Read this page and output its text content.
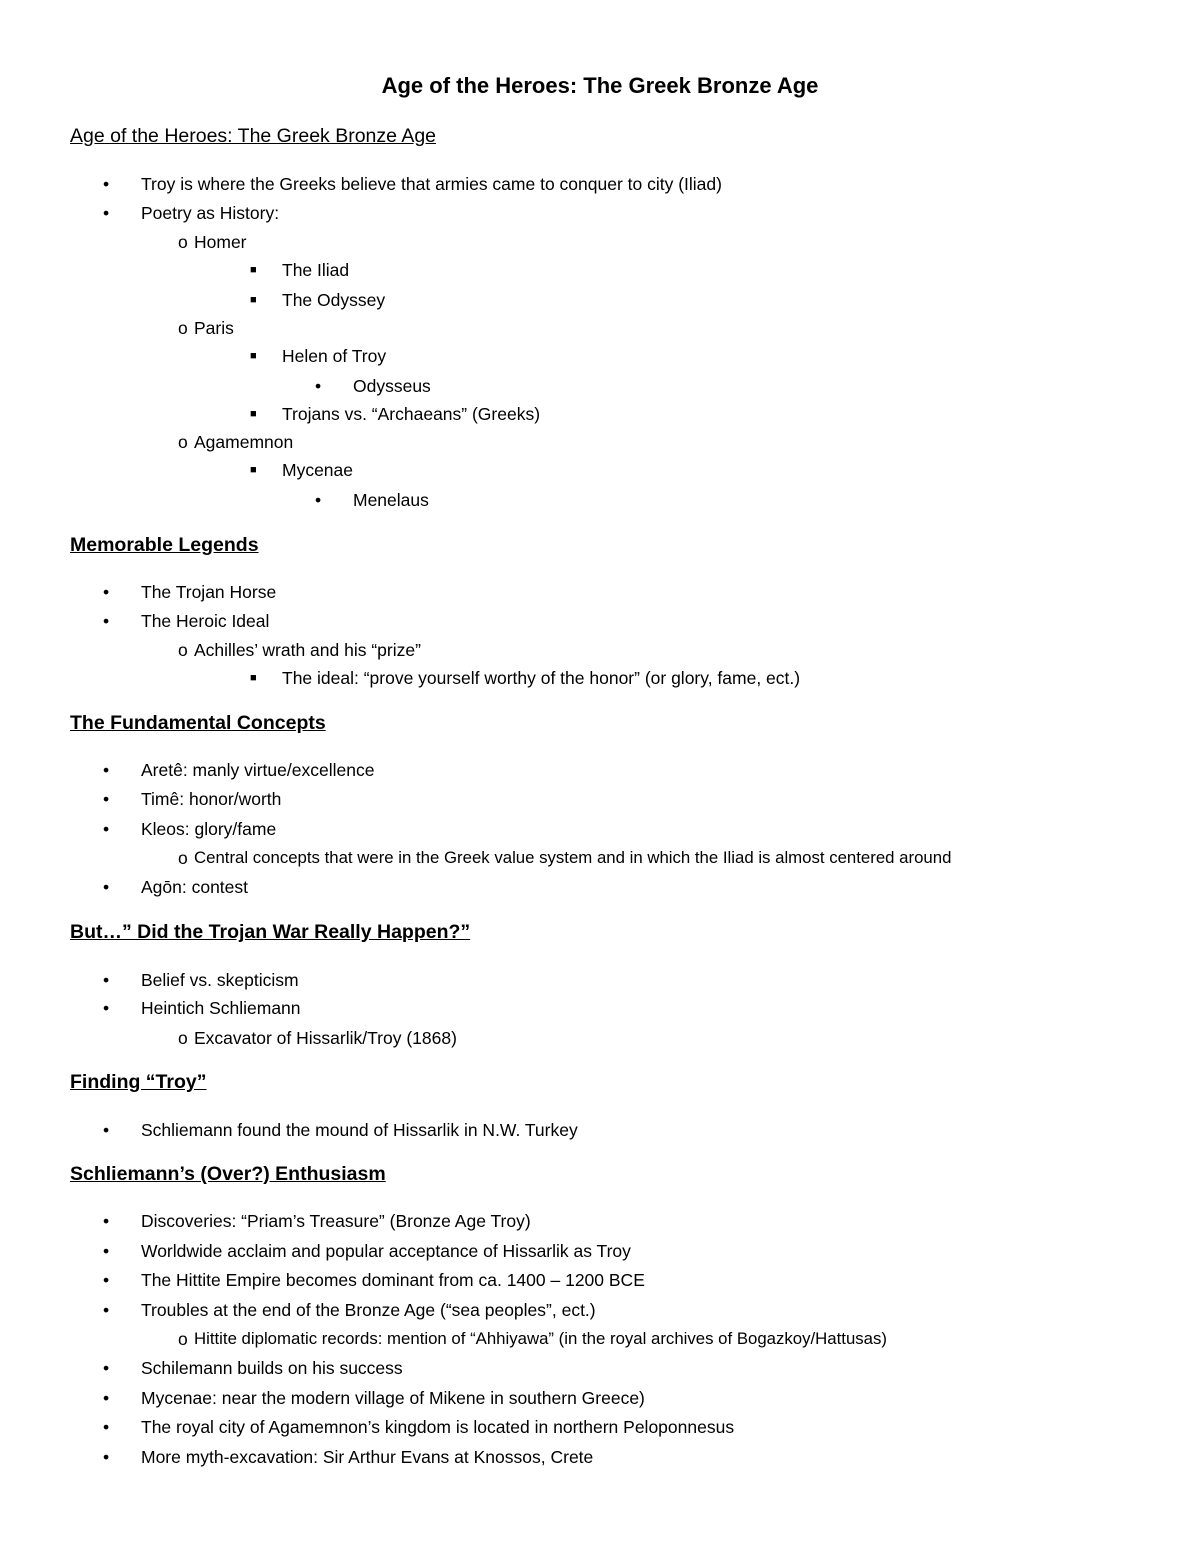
Age of the Heroes: The Greek Bronze Age
Age of the Heroes: The Greek Bronze Age
• Troy is where the Greeks believe that armies came to conquer to city (Iliad)
• Poetry as History:
o Homer
■ The Iliad
■ The Odyssey
o Paris
■ Helen of Troy
• Odysseus
■ Trojans vs. “Archaeans” (Greeks)
o Agamemnon
■ Mycenae
• Menelaus
Memorable Legends
• The Trojan Horse
• The Heroic Ideal
o Achilles’ wrath and his “prize”
■ The ideal: “prove yourself worthy of the honor” (or glory, fame, ect.)
The Fundamental Concepts
• Aretê: manly virtue/excellence
• Timê: honor/worth
• Kleos: glory/fame
o Central concepts that were in the Greek value system and in which the Iliad is almost centered around
• Agōn: contest
But…” Did the Trojan War Really Happen?”
• Belief vs. skepticism
• Heintich Schliemann
o Excavator of Hissarlik/Troy (1868)
Finding “Troy”
• Schliemann found the mound of Hissarlik in N.W. Turkey
Schliemann’s (Over?) Enthusiasm
• Discoveries: “Priam’s Treasure” (Bronze Age Troy)
• Worldwide acclaim and popular acceptance of Hissarlik as Troy
• The Hittite Empire becomes dominant from ca. 1400 – 1200 BCE
• Troubles at the end of the Bronze Age (“sea peoples”, ect.)
o Hittite diplomatic records: mention of “Ahhiyawa” (in the royal archives of Bogazkoy/Hattusas)
• Schilemann builds on his success
• Mycenae: near the modern village of Mikene in southern Greece)
• The royal city of Agamemnon’s kingdom is located in northern Peloponnesus
• More myth-excavation: Sir Arthur Evans at Knossos, Crete
